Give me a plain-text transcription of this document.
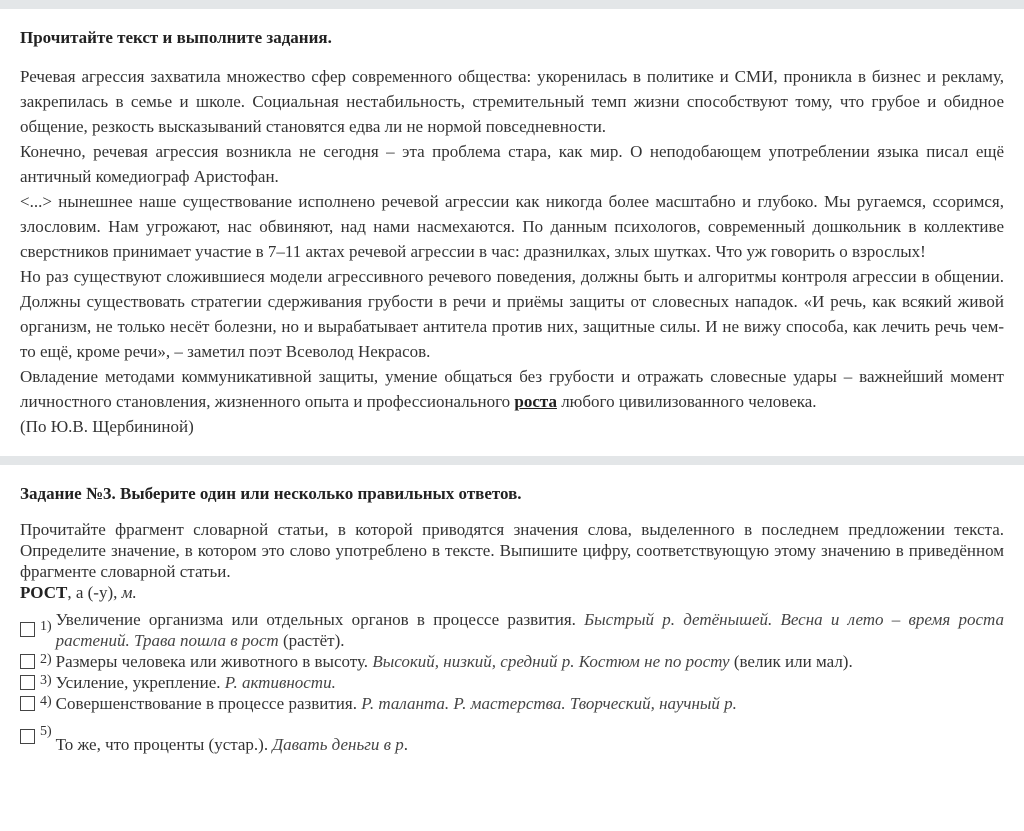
Прочитайте текст и выполните задания.

Речевая агрессия захватила множество сфер современного общества: укоренилась в политике и СМИ, проникла в бизнес и рекламу, закрепилась в семье и школе. Социальная нестабильность, стремительный темп жизни способствуют тому, что грубое и обидное общение, резкость высказываний становятся едва ли не нормой повседневности.

Конечно, речевая агрессия возникла не сегодня – эта проблема стара, как мир. О неподобающем употреблении языка писал ещё античный комедиограф Аристофан.

<...> нынешнее наше существование исполнено речевой агрессии как никогда более масштабно и глубоко. Мы ругаемся, ссоримся, злословим. Нам угрожают, нас обвиняют, над нами насмехаются. По данным психологов, современный дошкольник в коллективе сверстников принимает участие в 7–11 актах речевой агрессии в час: дразнилках, злых шутках. Что уж говорить о взрослых!

Но раз существуют сложившиеся модели агрессивного речевого поведения, должны быть и алгоритмы контроля агрессии в общении. Должны существовать стратегии сдерживания грубости в речи и приёмы защиты от словесных нападок. «И речь, как всякий живой организм, не только несёт болезни, но и вырабатывает антитела против них, защитные силы. И не вижу способа, как лечить речь чем-то ещё, кроме речи», – заметил поэт Всеволод Некрасов.

Овладение методами коммуникативной защиты, умение общаться без грубости и отражать словесные удары – важнейший момент личностного становления, жизненного опыта и профессионального роста любого цивилизованного человека.

(По Ю.В. Щербининой)

Задание №3. Выберите один или несколько правильных ответов.

Прочитайте фрагмент словарной статьи, в которой приводятся значения слова, выделенного в последнем предложении текста. Определите значение, в котором это слово употреблено в тексте. Выпишите цифру, соответствующую этому значению в приведённом фрагменте словарной статьи.

РОСТ, а (-у), м.

1) Увеличение организма или отдельных органов в процессе развития. Быстрый р. детёнышей. Весна и лето – время роста растений. Трава пошла в рост (растёт).
2) Размеры человека или животного в высоту. Высокий, низкий, средний р. Костюм не по росту (велик или мал).
3) Усиление, укрепление. Р. активности.
4) Совершенствование в процессе развития. Р. таланта. Р. мастерства. Творческий, научный р.
5)
То же, что проценты (устар.). Давать деньги в р.
